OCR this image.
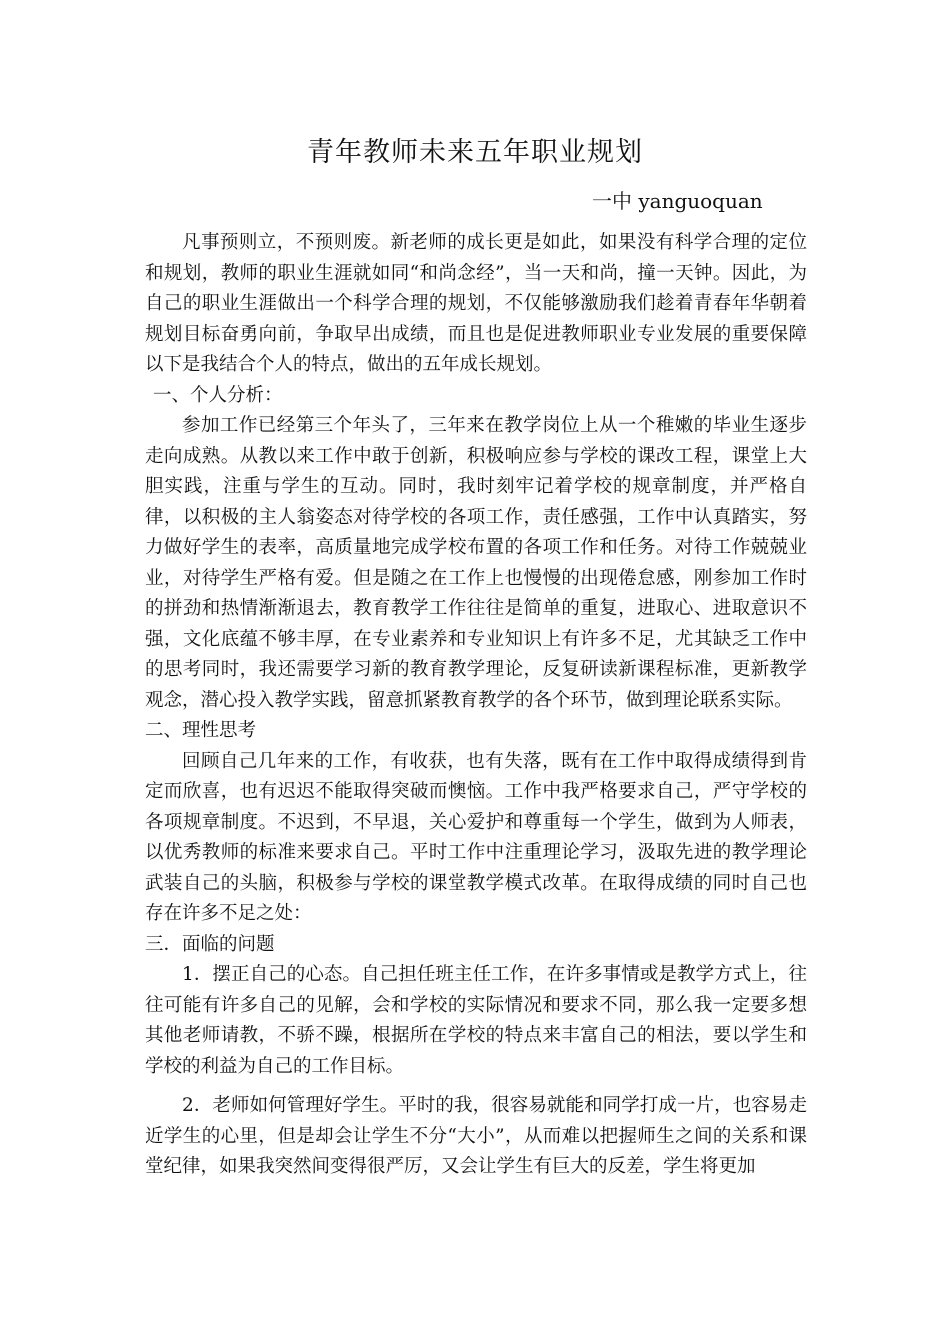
青年教师未来五年职业规划
一中 yanguoquan

凡事预则立，不预则废。新老师的成长更是如此，如果没有科学合理的定位和规划，教师的职业生涯就如同“和尚念经”，当一天和尚，撞一天钟。因此，为自己的职业生涯做出一个科学合理的规划，不仅能够激励我们趁着青春年华朝着规划目标奋勇向前，争取早出成绩，而且也是促进教师职业专业发展的重要保障以下是我结合个人的特点，做出的五年成长规划。

一、个人分析：

参加工作已经第三个年头了，三年来在教学岗位上从一个稚嫩的毕业生逐步走向成熟。从教以来工作中敢于创新，积极响应参与学校的课改工程，课堂上大胆实践，注重与学生的互动。同时，我时刻牢记着学校的规章制度，并严格自律，以积极的主人翁姿态对待学校的各项工作，责任感强，工作中认真踏实，努力做好学生的表率，高质量地完成学校布置的各项工作和任务。对待工作兢兢业业，对待学生严格有爱。但是随之在工作上也慢慢的出现倦怠感，刚参加工作时的拼劲和热情渐渐退去，教育教学工作往往是简单的重复，进取心、进取意识不强，文化底蕴不够丰厚，在专业素养和专业知识上有许多不足，尤其缺乏工作中的思考同时，我还需要学习新的教育教学理论，反复研读新课程标准，更新教学观念，潜心投入教学实践，留意抓紧教育教学的各个环节，做到理论联系实际。

二、理性思考

回顾自己几年来的工作，有收获，也有失落，既有在工作中取得成绩得到肯定而欣喜，也有迟迟不能取得突破而懊恼。工作中我严格要求自己，严守学校的各项规章制度。不迟到，不早退，关心爱护和尊重每一个学生，做到为人师表，以优秀教师的标准来要求自己。平时工作中注重理论学习，汲取先进的教学理论武装自己的头脑，积极参与学校的课堂教学模式改革。在取得成绩的同时自己也存在许多不足之处：

三．面临的问题

1．摆正自己的心态。自己担任班主任工作，在许多事情或是教学方式上，往往可能有许多自己的见解，会和学校的实际情况和要求不同，那么我一定要多想其他老师请教，不骄不躁，根据所在学校的特点来丰富自己的相法，要以学生和学校的利益为自己的工作目标。

2．老师如何管理好学生。平时的我，很容易就能和同学打成一片，也容易走近学生的心里，但是却会让学生不分“大小”，从而难以把握师生之间的关系和课堂纪律，如果我突然间变得很严厉，又会让学生有巨大的反差，学生将更加
